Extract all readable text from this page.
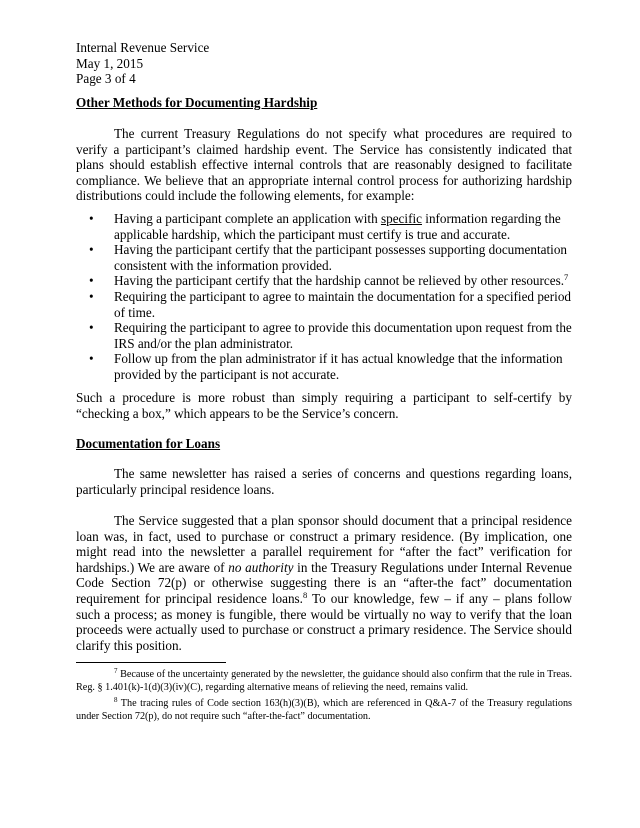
Internal Revenue Service
May 1, 2015
Page 3 of 4
Other Methods for Documenting Hardship
The current Treasury Regulations do not specify what procedures are required to verify a participant’s claimed hardship event. The Service has consistently indicated that plans should establish effective internal controls that are reasonably designed to facilitate compliance. We believe that an appropriate internal control process for authorizing hardship distributions could include the following elements, for example:
• Having a participant complete an application with specific information regarding the applicable hardship, which the participant must certify is true and accurate.
• Having the participant certify that the participant possesses supporting documentation consistent with the information provided.
• Having the participant certify that the hardship cannot be relieved by other resources.$^7$
• Requiring the participant to agree to maintain the documentation for a specified period of time.
• Requiring the participant to agree to provide this documentation upon request from the IRS and/or the plan administrator.
• Follow up from the plan administrator if it has actual knowledge that the information provided by the participant is not accurate.
Such a procedure is more robust than simply requiring a participant to self-certify by “checking a box,” which appears to be the Service’s concern.
Documentation for Loans
The same newsletter has raised a series of concerns and questions regarding loans, particularly principal residence loans.
The Service suggested that a plan sponsor should document that a principal residence loan was, in fact, used to purchase or construct a primary residence. (By implication, one might read into the newsletter a parallel requirement for “after the fact” verification for hardships.) We are aware of no authority in the Treasury Regulations under Internal Revenue Code Section 72(p) or otherwise suggesting there is an “after-the fact” documentation requirement for principal residence loans.$^8$ To our knowledge, few – if any – plans follow such a process; as money is fungible, there would be virtually no way to verify that the loan proceeds were actually used to purchase or construct a primary residence. The Service should clarify this position.
$^7$ Because of the uncertainty generated by the newsletter, the guidance should also confirm that the rule in Treas. Reg. § 1.401(k)-1(d)(3)(iv)(C), regarding alternative means of relieving the need, remains valid.
$^8$ The tracing rules of Code section 163(h)(3)(B), which are referenced in Q&A-7 of the Treasury regulations under Section 72(p), do not require such “after-the-fact” documentation.
